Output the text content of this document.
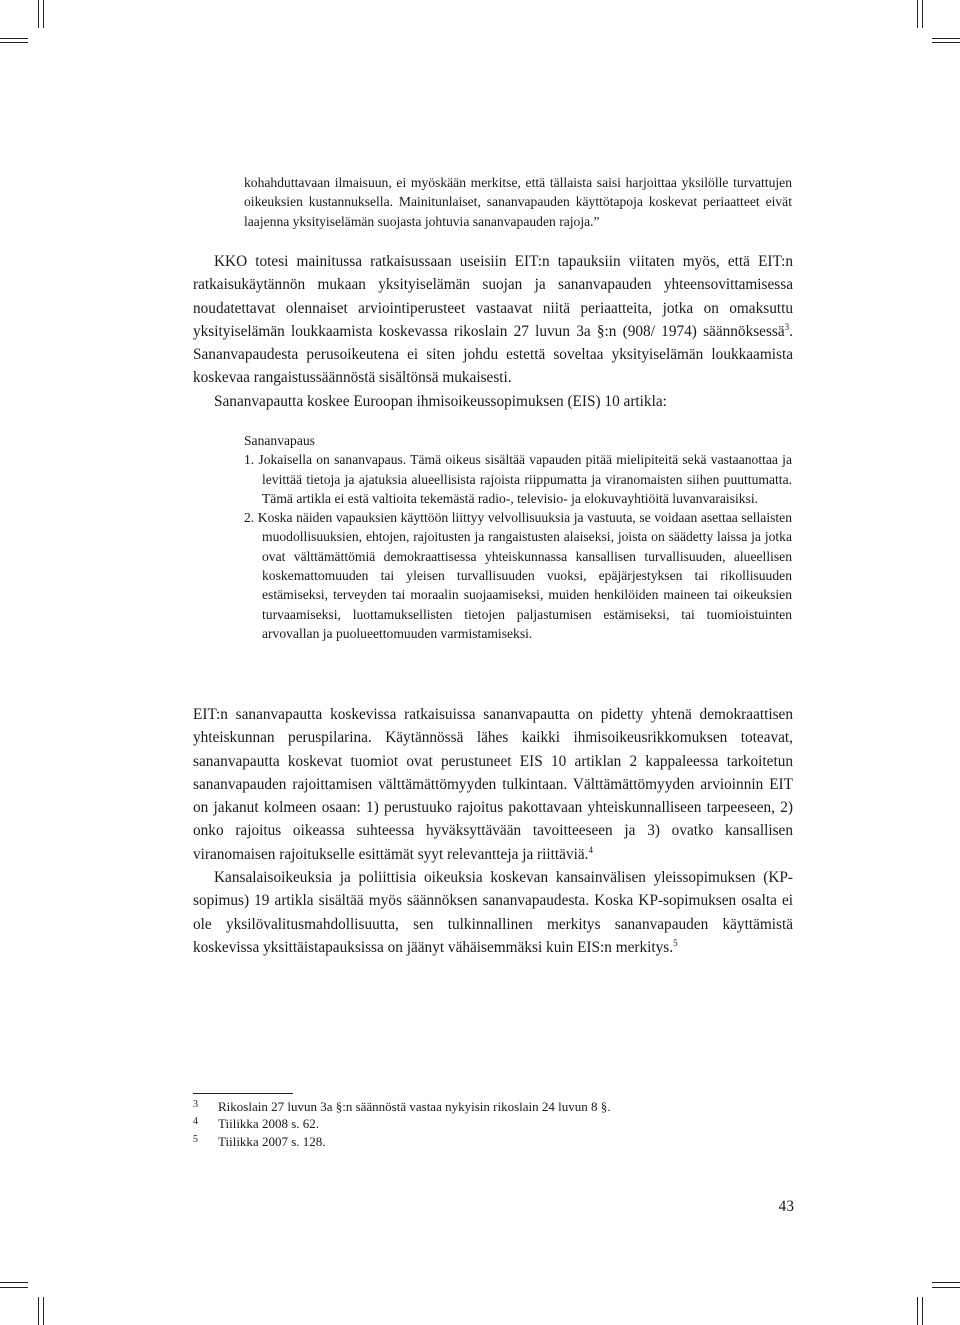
kohahduttavaan ilmaisuun, ei myöskään merkitse, että tällaista saisi harjoittaa yksilölle turvattujen oikeuksien kustannuksella. Mainitunlaiset, sananvapauden käyttötapoja koskevat periaatteet eivät laajenna yksityiselämän suojasta johtuvia sananvapauden rajoja.”

KKO totesi mainitussa ratkaisussaan useisiin EIT:n tapauksiin viitaten myös, että EIT:n ratkaisukäytännön mukaan yksityiselämän suojan ja sananvapauden yhteensovittamisessa noudatettavat olennaiset arviointiperusteet vastaavat niitä periaatteita, jotka on omaksuttu yksityiselämän loukkaamista koskevassa rikoslain 27 luvun 3a §:n (908/ 1974) säännöksessä$^3$. Sananvapaudesta perusoikeutena ei siten johdu estettä soveltaa yksityiselämän loukkaamista koskevaa rangaistussäännöstä sisältönsä mukaisesti.

Sananvapautta koskee Euroopan ihmisoikeussopimuksen (EIS) 10 artikla:

Sananvapaus

1. Jokaisella on sananvapaus. Tämä oikeus sisältää vapauden pitää mielipiteitä sekä vastaanottaa ja levittää tietoja ja ajatuksia alueellisista rajoista riippumatta ja viranomaisten siihen puuttumatta. Tämä artikla ei estä valtioita tekemästä radio-, televisio- ja elokuvayhtiöitä luvanvaraisiksi.

2. Koska näiden vapauksien käyttöön liittyy velvollisuuksia ja vastuuta, se voidaan asettaa sellaisten muodollisuuksien, ehtojen, rajoitusten ja rangaistusten alaiseksi, joista on säädetty laissa ja jotka ovat välttämättömiä demokraattisessa yhteiskunnassa kansallisen turvallisuuden, alueellisen koskemattomuuden tai yleisen turvallisuuden vuoksi, epäjärjestyksen tai rikollisuuden estämiseksi, terveyden tai moraalin suojaamiseksi, muiden henkilöiden maineen tai oikeuksien turvaamiseksi, luottamuksellisten tietojen paljastumisen estämiseksi, tai tuomioistuinten arvovallan ja puolueettomuuden varmistamiseksi.

EIT:n sananvapautta koskevissa ratkaisuissa sananvapautta on pidetty yhtenä demokraattisen yhteiskunnan peruspilarina. Käytännössä lähes kaikki ihmisoikeusrikkomuksen toteavat, sananvapautta koskevat tuomiot ovat perustuneet EIS 10 artiklan 2 kappaleessa tarkoitetun sananvapauden rajoittamisen välttämättömyyden tulkintaan. Välttämättömyyden arvioinnin EIT on jakanut kolmeen osaan: 1) perustuuko rajoitus pakottavaan yhteiskunnalliseen tarpeeseen, 2) onko rajoitus oikeassa suhteessa hyväksyttävään tavoitteeseen ja 3) ovatko kansallisen viranomaisen rajoitukselle esittämät syyt relevantteja ja riittäviä.$^4$

Kansalaisoikeuksia ja poliittisia oikeuksia koskevan kansainvälisen yleissopimuksen (KP-sopimus) 19 artikla sisältää myös säännöksen sananvapaudesta. Koska KP-sopimuksen osalta ei ole yksilövalitusmahdollisuutta, sen tulkinnallinen merkitys sananvapauden käyttämistä koskevissa yksittäistapauksissa on jäänyt vähäisemmäksi kuin EIS:n merkitys.$^5$

3	Rikoslain 27 luvun 3a §:n säännöstä vastaa nykyisin rikoslain 24 luvun 8 §.
4	Tiilikka 2008 s. 62.
5	Tiilikka 2007 s. 128.
43
